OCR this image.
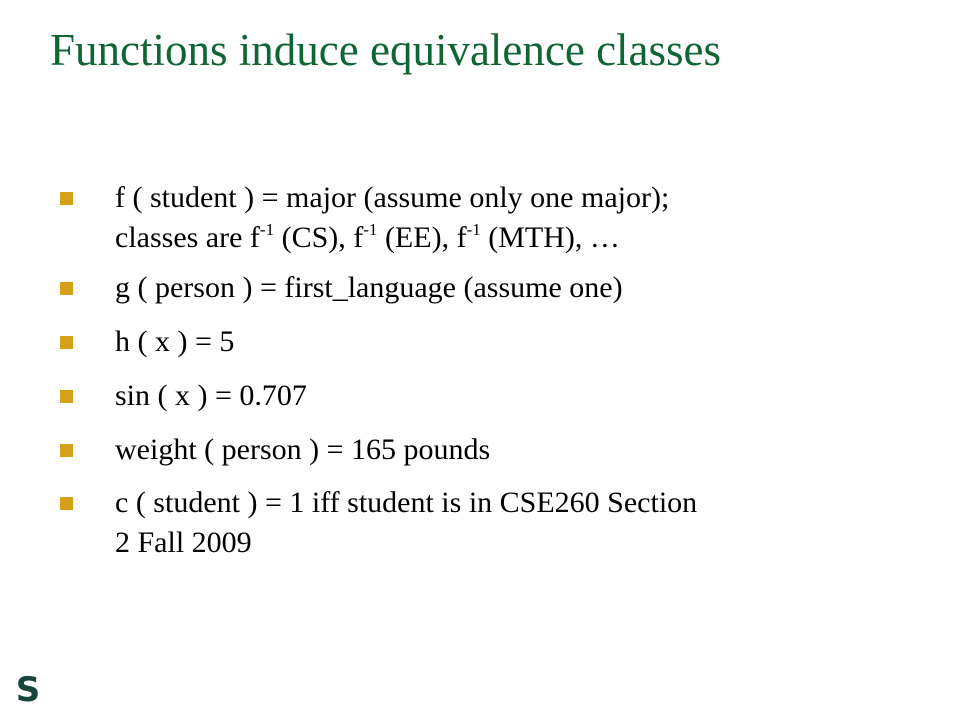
Functions induce equivalence classes
f ( student ) = major (assume only one major);
classes are $f^{-1}$ (CS), $f^{-1}$ (EE), $f^{-1}$ (MTH), …
g ( person ) = first_language (assume one)
h ( x ) = 5
sin ( x ) = 0.707
weight ( person ) = 165 pounds
c ( student ) = 1 iff student is in CSE260 Section
2 Fall 2009
S
